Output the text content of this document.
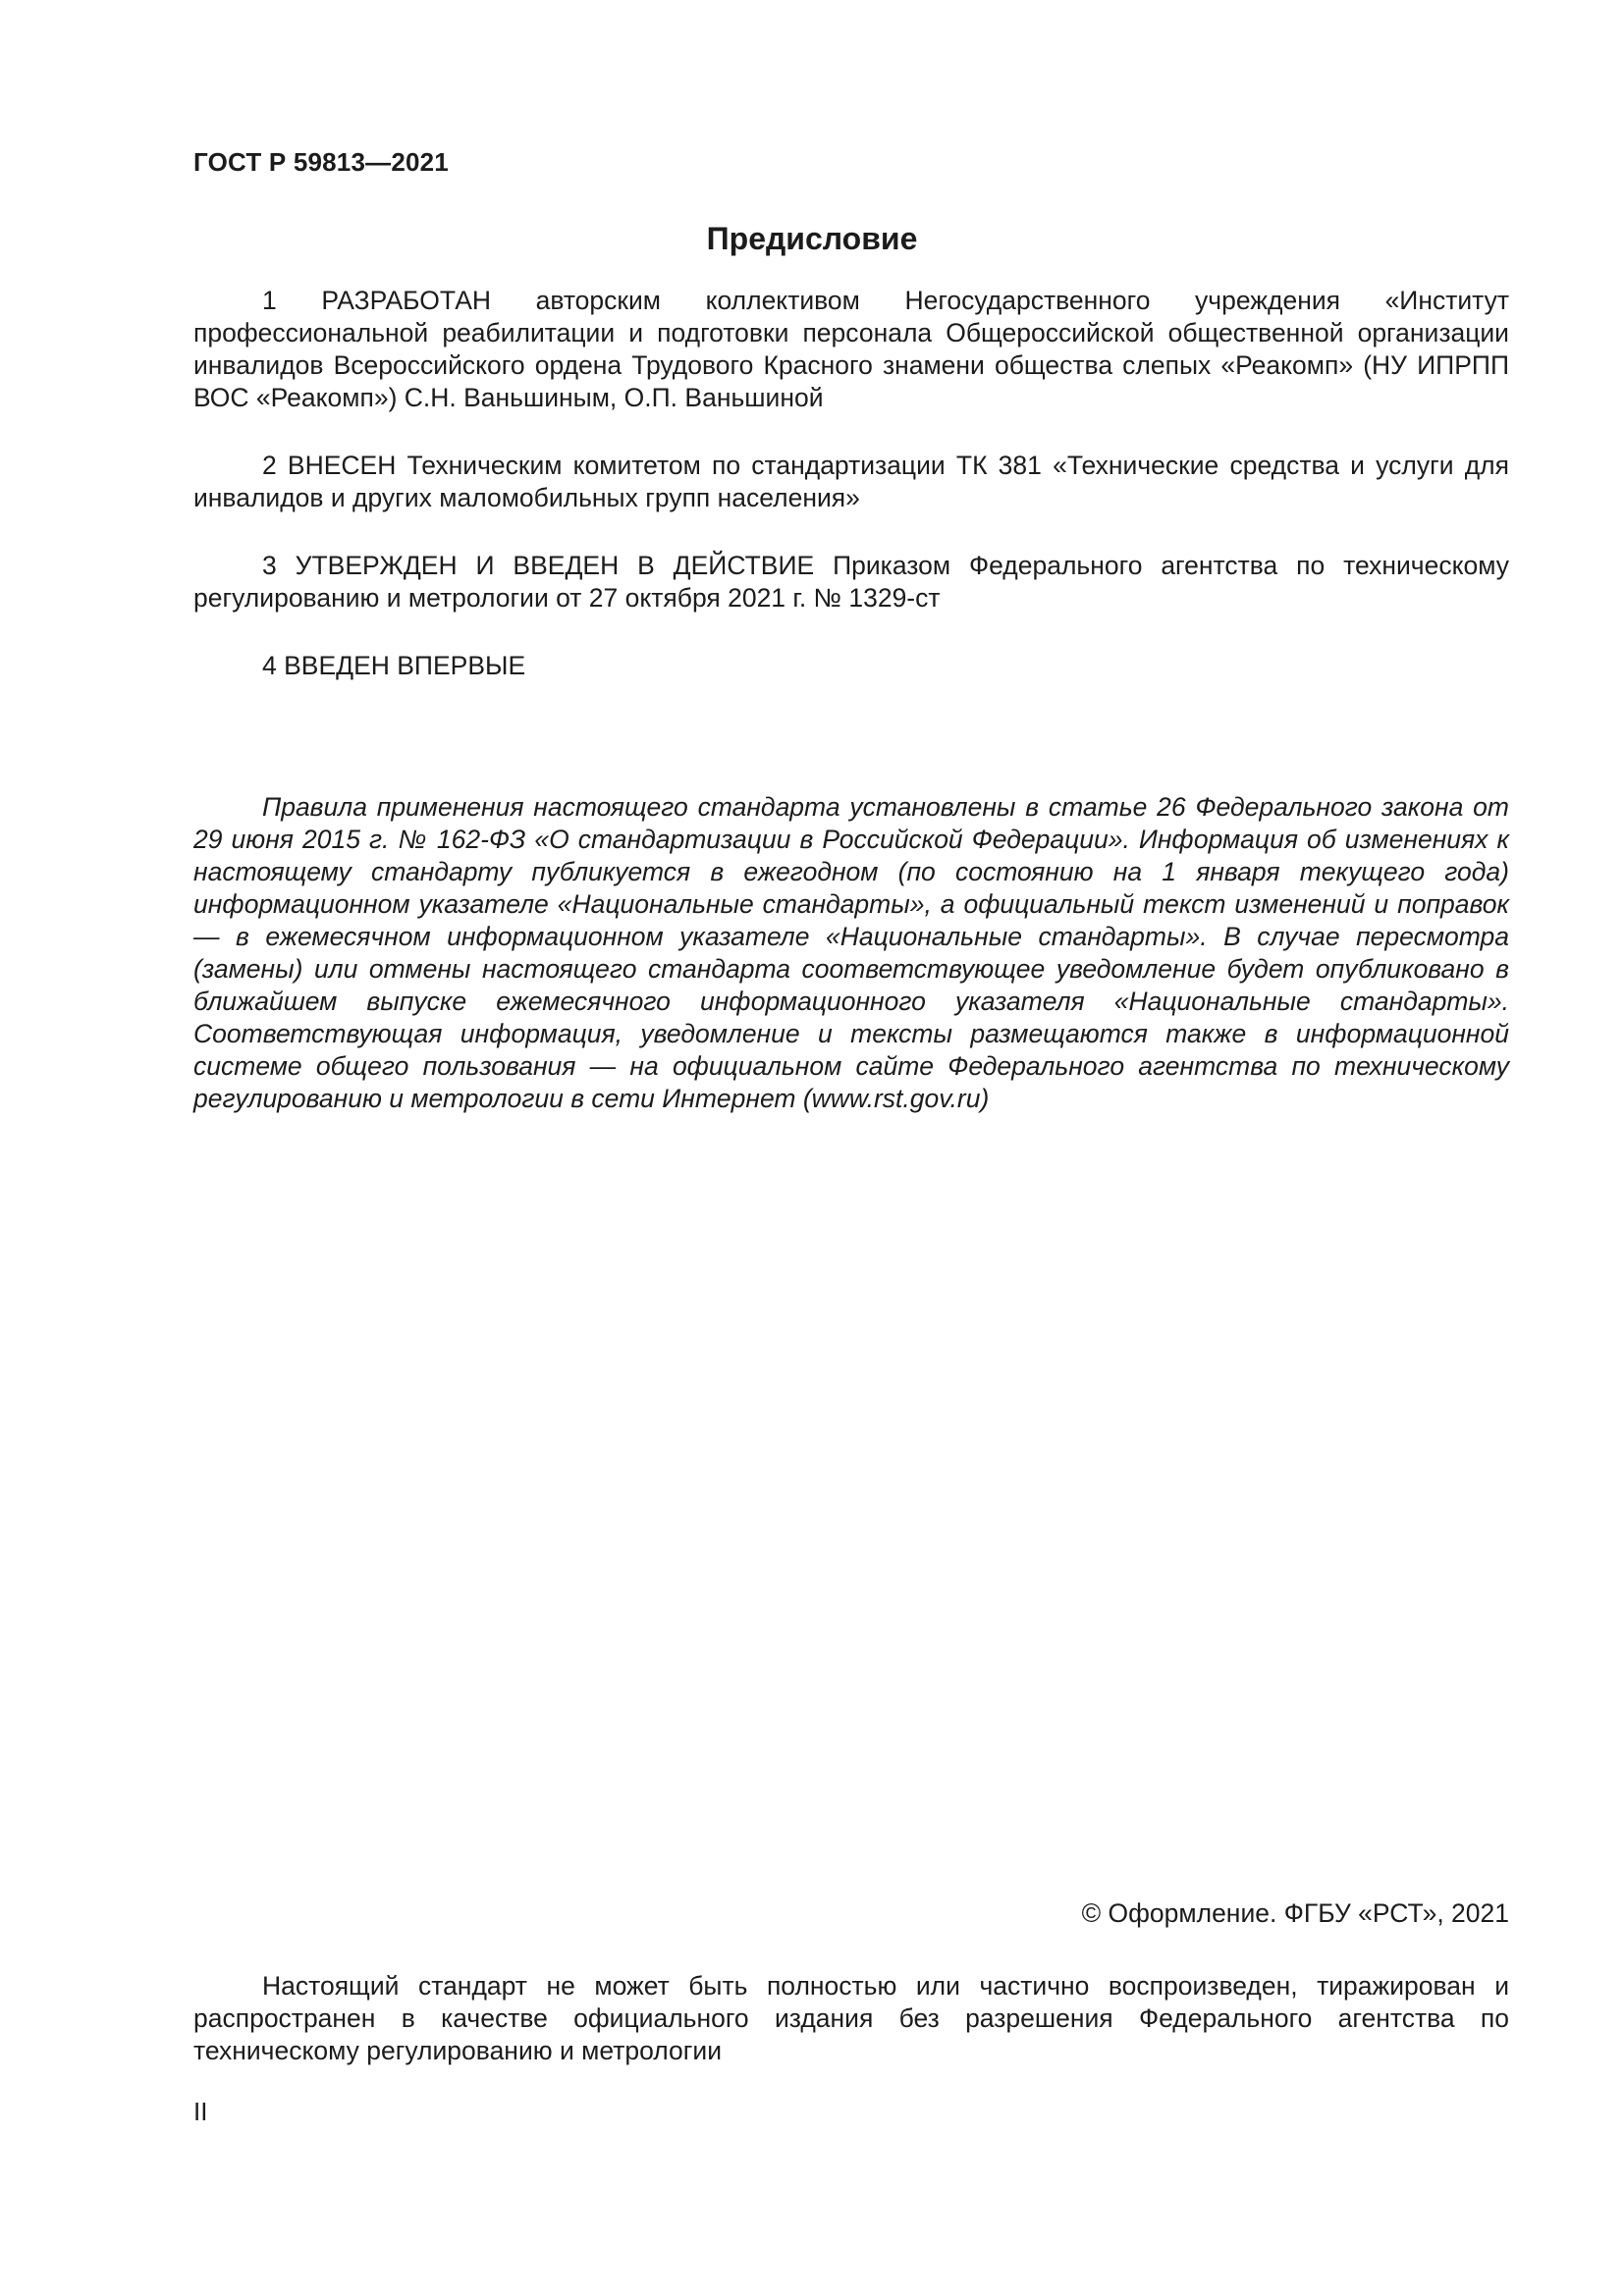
ГОСТ Р 59813—2021
Предисловие

1 РАЗРАБОТАН авторским коллективом Негосударственного учреждения «Институт профессиональной реабилитации и подготовки персонала Общероссийской общественной организации инвалидов Всероссийского ордена Трудового Красного знамени общества слепых «Реакомп» (НУ ИПРПП ВОС «Реакомп») С.Н. Ваньшиным, О.П. Ваньшиной

2 ВНЕСЕН Техническим комитетом по стандартизации ТК 381 «Технические средства и услуги для инвалидов и других маломобильных групп населения»

3 УТВЕРЖДЕН И ВВЕДЕН В ДЕЙСТВИЕ Приказом Федерального агентства по техническому регулированию и метрологии от 27 октября 2021 г. № 1329-ст

4 ВВЕДЕН ВПЕРВЫЕ

Правила применения настоящего стандарта установлены в статье 26 Федерального закона от 29 июня 2015 г. № 162-ФЗ «О стандартизации в Российской Федерации». Информация об изменениях к настоящему стандарту публикуется в ежегодном (по состоянию на 1 января текущего года) информационном указателе «Национальные стандарты», а официальный текст изменений и поправок — в ежемесячном информационном указателе «Национальные стандарты». В случае пересмотра (замены) или отмены настоящего стандарта соответствующее уведомление будет опубликовано в ближайшем выпуске ежемесячного информационного указателя «Национальные стандарты». Соответствующая информация, уведомление и тексты размещаются также в информационной системе общего пользования — на официальном сайте Федерального агентства по техническому регулированию и метрологии в сети Интернет (www.rst.gov.ru)

© Оформление. ФГБУ «РСТ», 2021

Настоящий стандарт не может быть полностью или частично воспроизведен, тиражирован и распространен в качестве официального издания без разрешения Федерального агентства по техническому регулированию и метрологии

II
